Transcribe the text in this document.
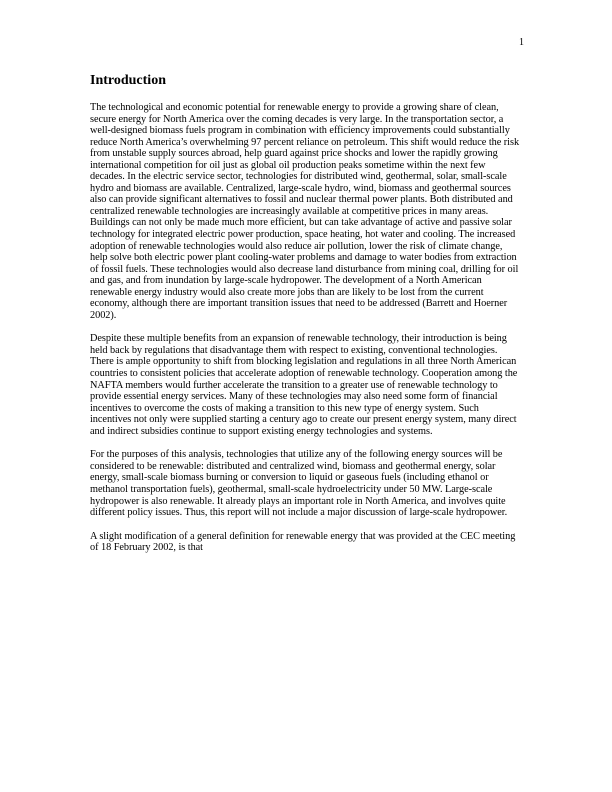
1
Introduction

The technological and economic potential for renewable energy to provide a growing share of clean, secure energy for North America over the coming decades is very large. In the transportation sector, a well-designed biomass fuels program in combination with efficiency improvements could substantially reduce North America’s overwhelming 97 percent reliance on petroleum. This shift would reduce the risk from unstable supply sources abroad, help guard against price shocks and lower the rapidly growing international competition for oil just as global oil production peaks sometime within the next few decades. In the electric service sector, technologies for distributed wind, geothermal, solar, small-scale hydro and biomass are available. Centralized, large-scale hydro, wind, biomass and geothermal sources also can provide significant alternatives to fossil and nuclear thermal power plants. Both distributed and centralized renewable technologies are increasingly available at competitive prices in many areas. Buildings can not only be made much more efficient, but can take advantage of active and passive solar technology for integrated electric power production, space heating, hot water and cooling. The increased adoption of renewable technologies would also reduce air pollution, lower the risk of climate change, help solve both electric power plant cooling-water problems and damage to water bodies from extraction of fossil fuels. These technologies would also decrease land disturbance from mining coal, drilling for oil and gas, and from inundation by large-scale hydropower. The development of a North American renewable energy industry would also create more jobs than are likely to be lost from the current economy, although there are important transition issues that need to be addressed (Barrett and Hoerner 2002).

Despite these multiple benefits from an expansion of renewable technology, their introduction is being held back by regulations that disadvantage them with respect to existing, conventional technologies. There is ample opportunity to shift from blocking legislation and regulations in all three North American countries to consistent policies that accelerate adoption of renewable technology. Cooperation among the NAFTA members would further accelerate the transition to a greater use of renewable technology to provide essential energy services. Many of these technologies may also need some form of financial incentives to overcome the costs of making a transition to this new type of energy system. Such incentives not only were supplied starting a century ago to create our present energy system, many direct and indirect subsidies continue to support existing energy technologies and systems.

For the purposes of this analysis, technologies that utilize any of the following energy sources will be considered to be renewable: distributed and centralized wind, biomass and geothermal energy, solar energy, small-scale biomass burning or conversion to liquid or gaseous fuels (including ethanol or methanol transportation fuels), geothermal, small-scale hydroelectricity under 50 MW. Large-scale hydropower is also renewable. It already plays an important role in North America, and involves quite different policy issues. Thus, this report will not include a major discussion of large-scale hydropower.

A slight modification of a general definition for renewable energy that was provided at the CEC meeting of 18 February 2002, is that
